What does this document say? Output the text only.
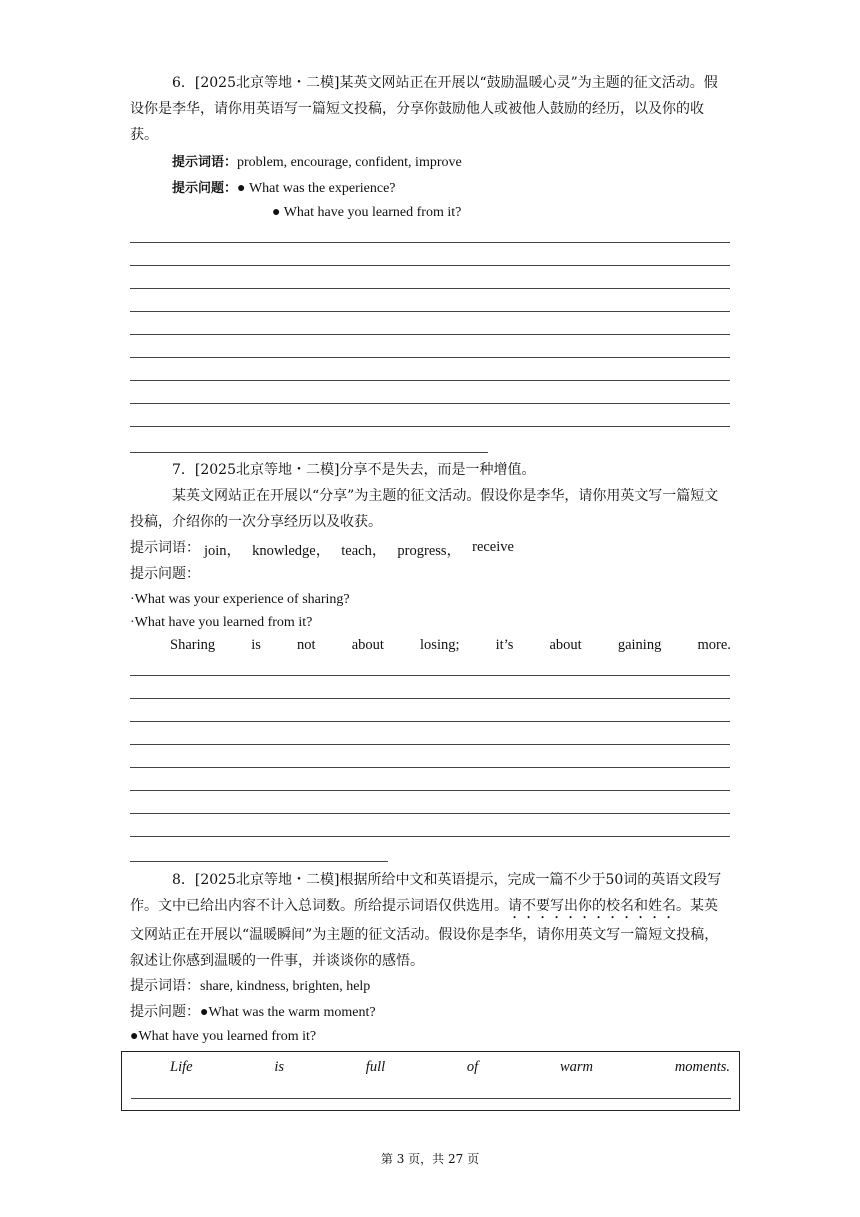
6．[2025北京等地・二模]某英文网站正在开展以“鼓励温暖心灵”为主题的征文活动。假设你是李华，请你用英语写一篇短文投稿，分享你鼓励他人或被他人鼓励的经历，以及你的收获。
提示词语：problem, encourage, confident, improve
提示问题：● What was the experience?
● What have you learned from it?
7．[2025北京等地・二模]分享不是失去，而是一种增值。
某英文网站正在开展以“分享”为主题的征文活动。假设你是李华，请你用英文写一篇短文投稿，介绍你的一次分享经历以及收获。
提示词语： join， knowledge， teach， progress， receive
提示问题：
·What was your experience of sharing?
·What have you learned from it?
Sharing is not about losing; it’s about gaining more.
8．[2025北京等地・二模]根据所给中文和英语提示，完成一篇不少于50词的英语文段写作。文中已给出内容不计入总词数。所给提示词语仅供选用。请不要写出你的校名和姓名。某英文网站正在开展以“温暖瞬间”为主题的征文活动。假设你是李华，请你用英文写一篇短文投稿，叙述让你感到温暖的一件事，并谈谈你的感悟。
提示词语：share, kindness, brighten, help
提示问题：●What was the warm moment?
●What have you learned from it?
Life	is	full	of	warm	moments.
第 3 页，共 27 页
